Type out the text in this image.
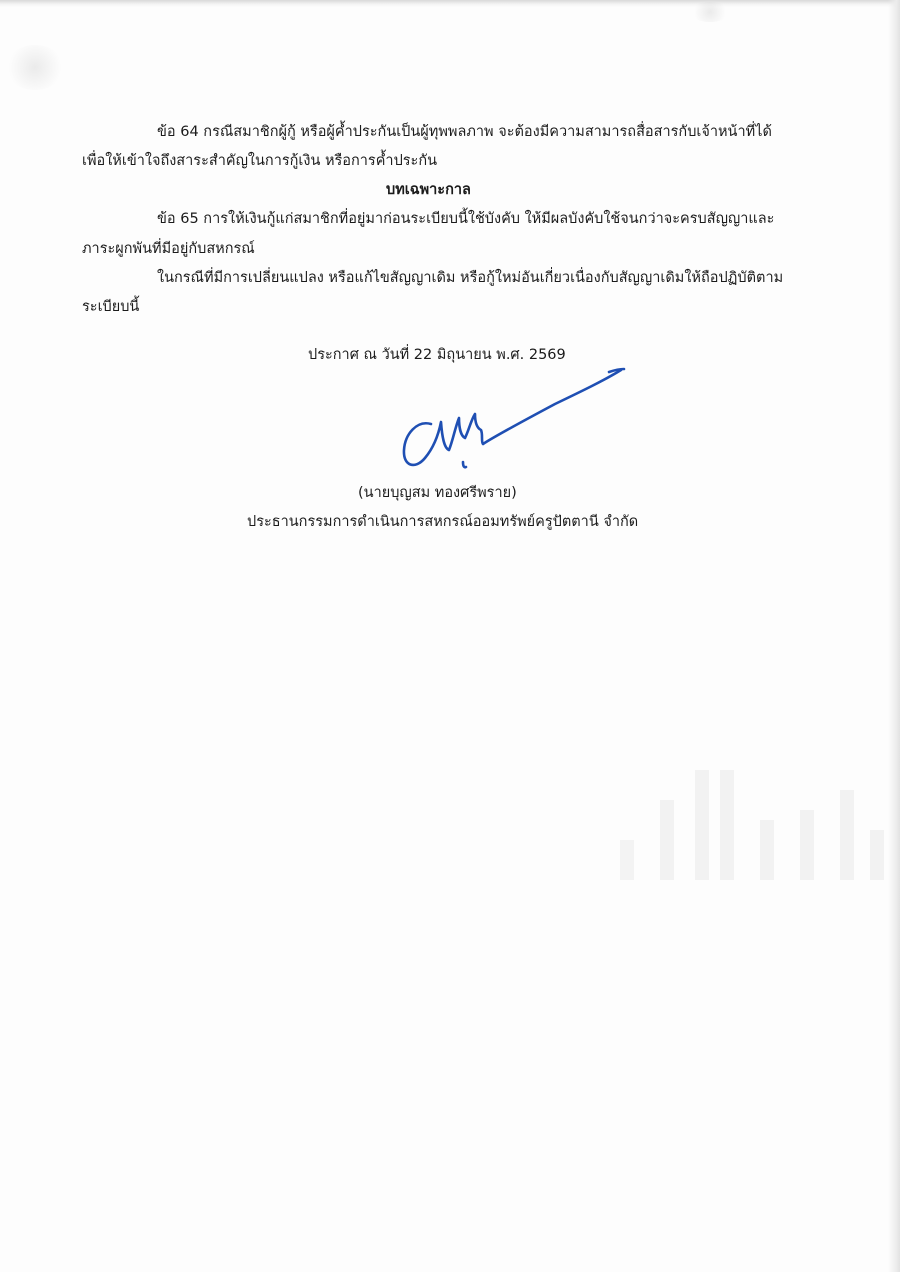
ข้อ 64 กรณีสมาชิกผู้กู้ หรือผู้ค้ำประกันเป็นผู้ทุพพลภาพ จะต้องมีความสามารถสื่อสารกับเจ้าหน้าที่ได้
เพื่อให้เข้าใจถึงสาระสำคัญในการกู้เงิน หรือการค้ำประกัน
บทเฉพาะกาล
ข้อ 65 การให้เงินกู้แก่สมาชิกที่อยู่มาก่อนระเบียบนี้ใช้บังคับ ให้มีผลบังคับใช้จนกว่าจะครบสัญญาและ
ภาระผูกพันที่มีอยู่กับสหกรณ์
ในกรณีที่มีการเปลี่ยนแปลง หรือแก้ไขสัญญาเดิม หรือกู้ใหม่อันเกี่ยวเนื่องกับสัญญาเดิมให้ถือปฏิบัติตาม
ระเบียบนี้
ประกาศ ณ วันที่ 22 มิถุนายน พ.ศ. 2569
(นายบุญสม ทองศรีพราย)
ประธานกรรมการดำเนินการสหกรณ์ออมทรัพย์ครูปัตตานี จำกัด
